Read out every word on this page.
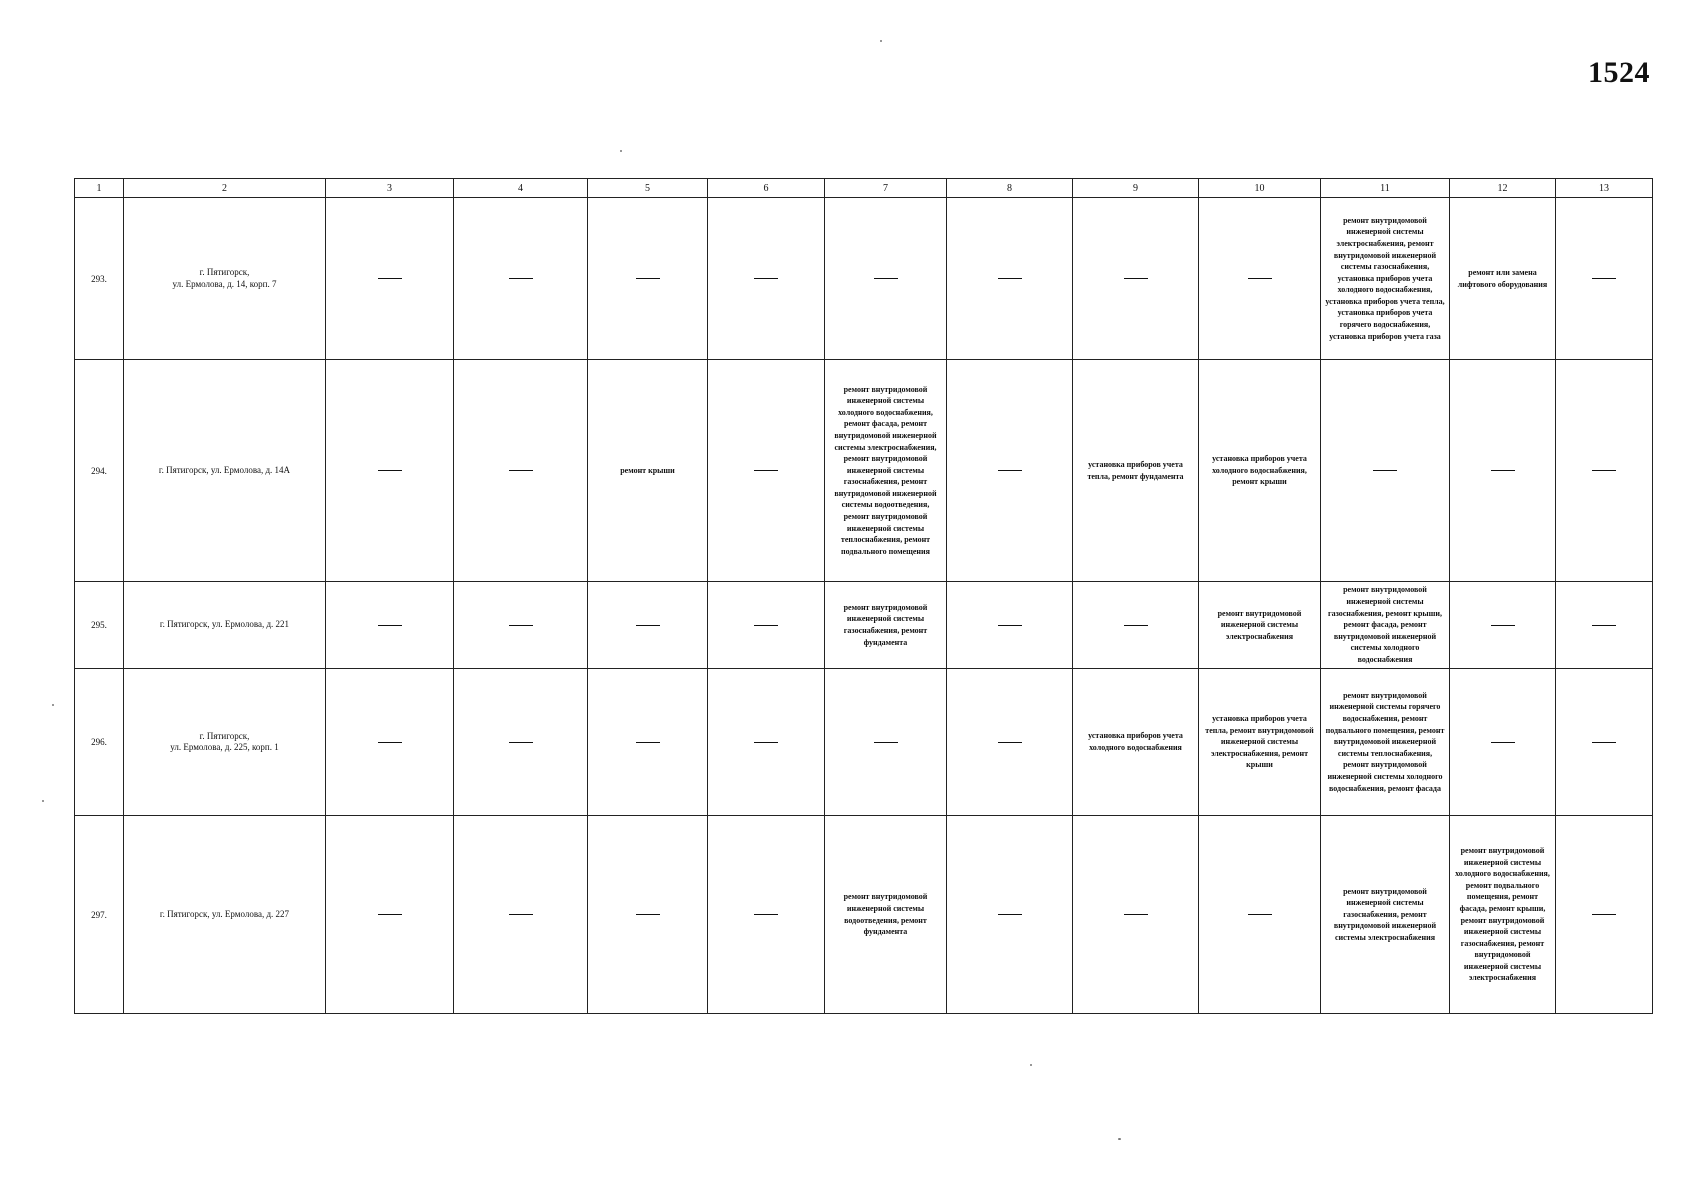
1524
1	2	3	4	5	6	7	8	9	10	11	12	13
293.	г. Пятигорск,
ул. Ермолова, д. 14, корп. 7									ремонт внутридомовой инженерной системы электроснабжения, ремонт внутридомовой инженерной системы газоснабжения, установка приборов учета холодного водоснабжения, установка приборов учета тепла, установка приборов учета горячего водоснабжения, установка приборов учета газа	ремонт или замена лифтового оборудования	
294.	г. Пятигорск, ул. Ермолова, д. 14А			ремонт крыши		ремонт внутридомовой инженерной системы холодного водоснабжения, ремонт фасада, ремонт внутридомовой инженерной системы электроснабжения, ремонт внутридомовой инженерной системы газоснабжения, ремонт внутридомовой инженерной системы водоотведения, ремонт внутридомовой инженерной системы теплоснабжения, ремонт подвального помещения		установка приборов учета тепла, ремонт фундамента	установка приборов учета холодного водоснабжения, ремонт крыши			
295.	г. Пятигорск, ул. Ермолова, д. 221					ремонт внутридомовой инженерной системы газоснабжения, ремонт фундамента			ремонт внутридомовой инженерной системы электроснабжения	ремонт внутридомовой инженерной системы газоснабжения, ремонт крыши, ремонт фасада, ремонт внутридомовой инженерной системы холодного водоснабжения		
296.	г. Пятигорск,
ул. Ермолова, д. 225, корп. 1							установка приборов учета холодного водоснабжения	установка приборов учета тепла, ремонт внутридомовой инженерной системы электроснабжения, ремонт крыши	ремонт внутридомовой инженерной системы горячего водоснабжения, ремонт подвального помещения, ремонт внутридомовой инженерной системы теплоснабжения, ремонт внутридомовой инженерной системы холодного водоснабжения, ремонт фасада		
297.	г. Пятигорск, ул. Ермолова, д. 227					ремонт внутридомовой инженерной системы водоотведения, ремонт фундамента				ремонт внутридомовой инженерной системы газоснабжения, ремонт внутридомовой инженерной системы электроснабжения	ремонт внутридомовой инженерной системы холодного водоснабжения, ремонт подвального помещения, ремонт фасада, ремонт крыши, ремонт внутридомовой инженерной системы газоснабжения, ремонт внутридомовой инженерной системы электроснабжения	
